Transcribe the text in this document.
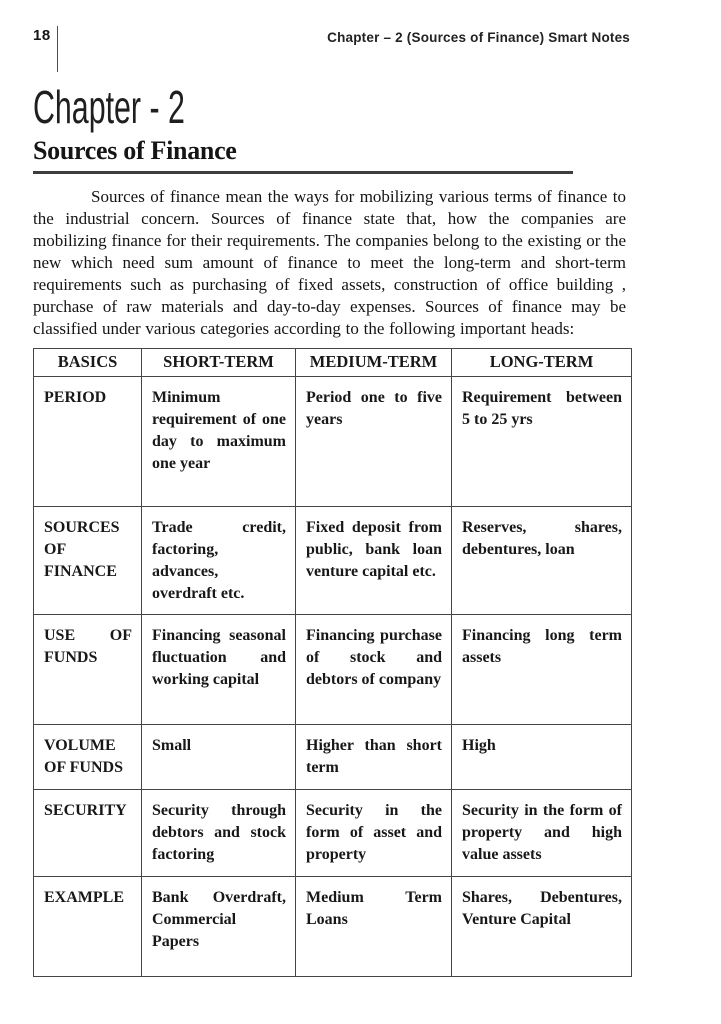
18	Chapter – 2 (Sources of Finance) Smart Notes
Chapter - 2
Sources of Finance

Sources of finance mean the ways for mobilizing various terms of finance to the industrial concern. Sources of finance state that, how the companies are mobilizing finance for their requirements. The companies belong to the existing or the new which need sum amount of finance to meet the long-term and short-term requirements such as purchasing of fixed assets, construction of office building , purchase of raw materials and day-to-day expenses. Sources of finance may be classified under various categories according to the following important heads:

BASICS	SHORT-TERM	MEDIUM-TERM	LONG-TERM
PERIOD	Minimum requirement of one day to maximum one year	Period one to five years	Requirement between 5 to 25 yrs
SOURCES OF FINANCE	Trade credit, factoring, advances, overdraft etc.	Fixed deposit from public, bank loan venture capital etc.	Reserves, shares, debentures, loan
USE OF FUNDS	Financing seasonal fluctuation and working capital	Financing purchase of stock and debtors of company	Financing long term assets
VOLUME OF FUNDS	Small	Higher than short term	High
SECURITY	Security through debtors and stock factoring	Security in the form of asset and property	Security in the form of property and high value assets
EXAMPLE	Bank Overdraft, Commercial Papers	Medium Term Loans	Shares, Debentures, Venture Capital
